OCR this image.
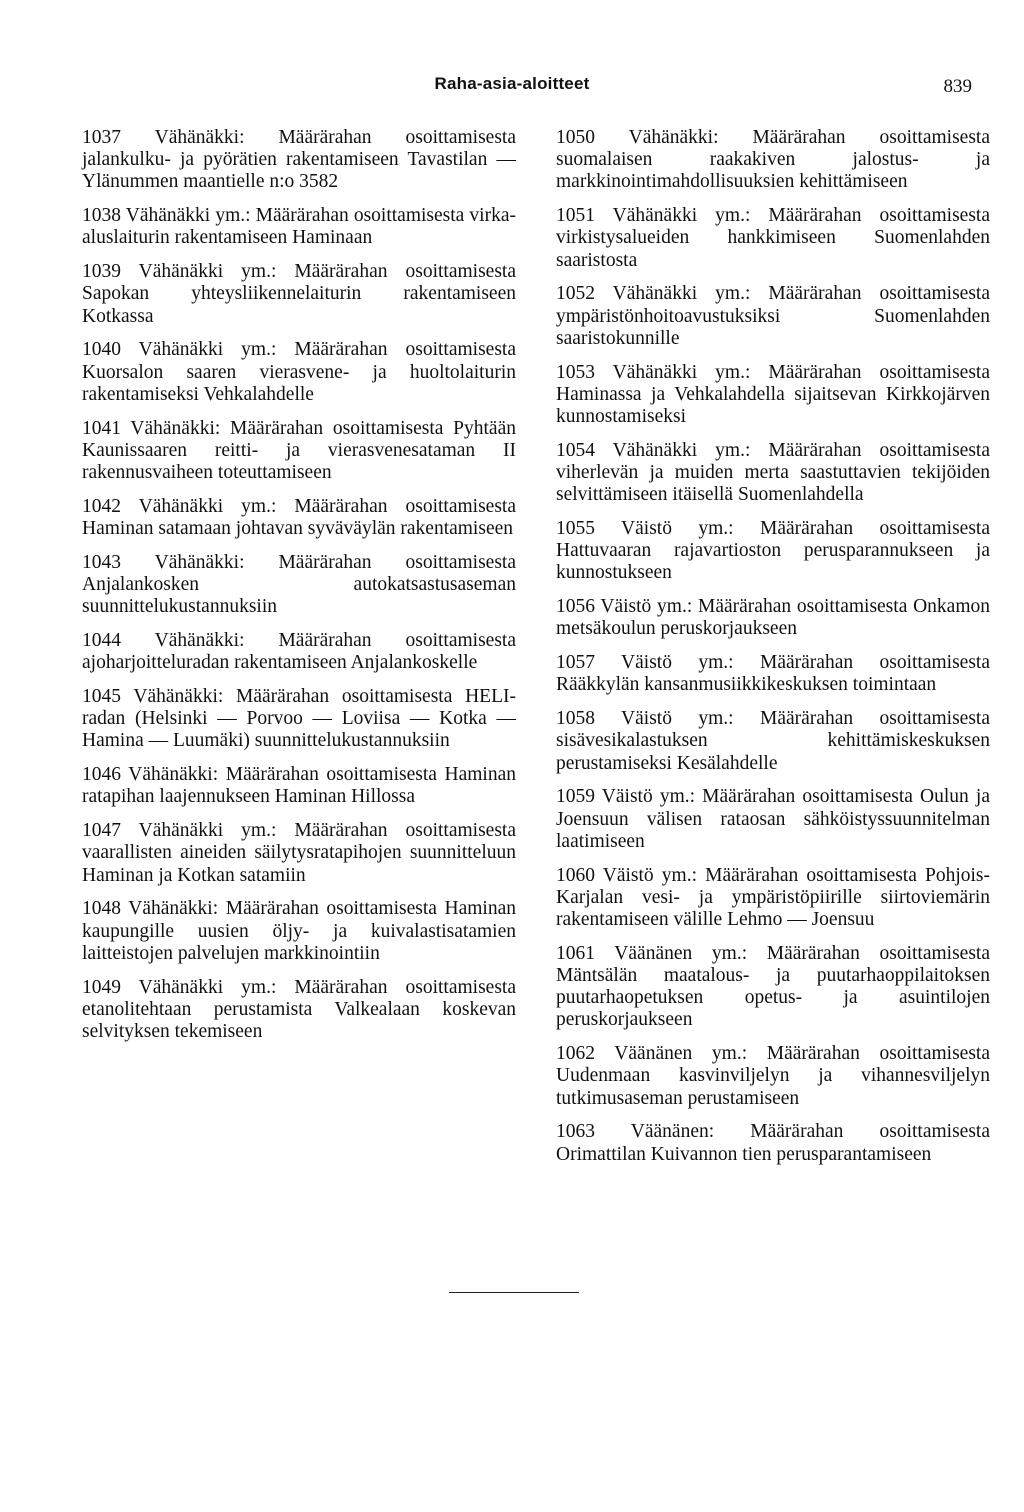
Raha-asia-aloitteet	839

1037 Vähänäkki: Määrärahan osoittamisesta jalankulku- ja pyörätien rakentamiseen Tavastilan — Ylänummen maantielle n:o 3582

1038 Vähänäkki ym.: Määrärahan osoittamisesta virka-aluslaiturin rakentamiseen Haminaan

1039 Vähänäkki ym.: Määrärahan osoittamisesta Sapokan yhteysliikennelaiturin rakentamiseen Kotkassa

1040 Vähänäkki ym.: Määrärahan osoittamisesta Kuorsalon saaren vierasvene- ja huoltolaiturin rakentamiseksi Vehkalahdelle

1041 Vähänäkki: Määrärahan osoittamisesta Pyhtään Kaunissaaren reitti- ja vierasvenesataman II rakennusvaiheen toteuttamiseen

1042 Vähänäkki ym.: Määrärahan osoittamisesta Haminan satamaan johtavan syväväylän rakentamiseen

1043 Vähänäkki: Määrärahan osoittamisesta Anjalankosken autokatsastusaseman suunnittelukustannuksiin

1044 Vähänäkki: Määrärahan osoittamisesta ajoharjoitteluradan rakentamiseen Anjalankoskelle

1045 Vähänäkki: Määrärahan osoittamisesta HELI-radan (Helsinki — Porvoo — Loviisa — Kotka — Hamina — Luumäki) suunnittelukustannuksiin

1046 Vähänäkki: Määrärahan osoittamisesta Haminan ratapihan laajennukseen Haminan Hillossa

1047 Vähänäkki ym.: Määrärahan osoittamisesta vaarallisten aineiden säilytysratapihojen suunnitteluun Haminan ja Kotkan satamiin

1048 Vähänäkki: Määrärahan osoittamisesta Haminan kaupungille uusien öljy- ja kuivalastisatamien laitteistojen palvelujen markkinointiin

1049 Vähänäkki ym.: Määrärahan osoittamisesta etanolitehtaan perustamista Valkealaan koskevan selvityksen tekemiseen

1050 Vähänäkki: Määrärahan osoittamisesta suomalaisen raakakiven jalostus- ja markkinointimahdollisuuksien kehittämiseen

1051 Vähänäkki ym.: Määrärahan osoittamisesta virkistysalueiden hankkimiseen Suomenlahden saaristosta

1052 Vähänäkki ym.: Määrärahan osoittamisesta ympäristönhoitoavustuksiksi Suomenlahden saaristokunnille

1053 Vähänäkki ym.: Määrärahan osoittamisesta Haminassa ja Vehkalahdella sijaitsevan Kirkkojärven kunnostamiseksi

1054 Vähänäkki ym.: Määrärahan osoittamisesta viherlevän ja muiden merta saastuttavien tekijöiden selvittämiseen itäisellä Suomenlahdella

1055 Väistö ym.: Määrärahan osoittamisesta Hattuvaaran rajavartioston perusparannukseen ja kunnostukseen

1056 Väistö ym.: Määrärahan osoittamisesta Onkamon metsäkoulun peruskorjaukseen

1057 Väistö ym.: Määrärahan osoittamisesta Rääkkylän kansanmusiikkikeskuksen toimintaan

1058 Väistö ym.: Määrärahan osoittamisesta sisävesikalastuksen kehittämiskeskuksen perustamiseksi Kesälahdelle

1059 Väistö ym.: Määrärahan osoittamisesta Oulun ja Joensuun välisen rataosan sähköistyssuunnitelman laatimiseen

1060 Väistö ym.: Määrärahan osoittamisesta Pohjois-Karjalan vesi- ja ympäristöpiirille siirtoviemärin rakentamiseen välille Lehmo — Joensuu

1061 Väänänen ym.: Määrärahan osoittamisesta Mäntsälän maatalous- ja puutarhaoppilaitoksen puutarhaopetuksen opetus- ja asuintilojen peruskorjaukseen

1062 Väänänen ym.: Määrärahan osoittamisesta Uudenmaan kasvinviljelyn ja vihannesviljelyn tutkimusaseman perustamiseen

1063 Väänänen: Määrärahan osoittamisesta Orimattilan Kuivannon tien perusparantamiseen
